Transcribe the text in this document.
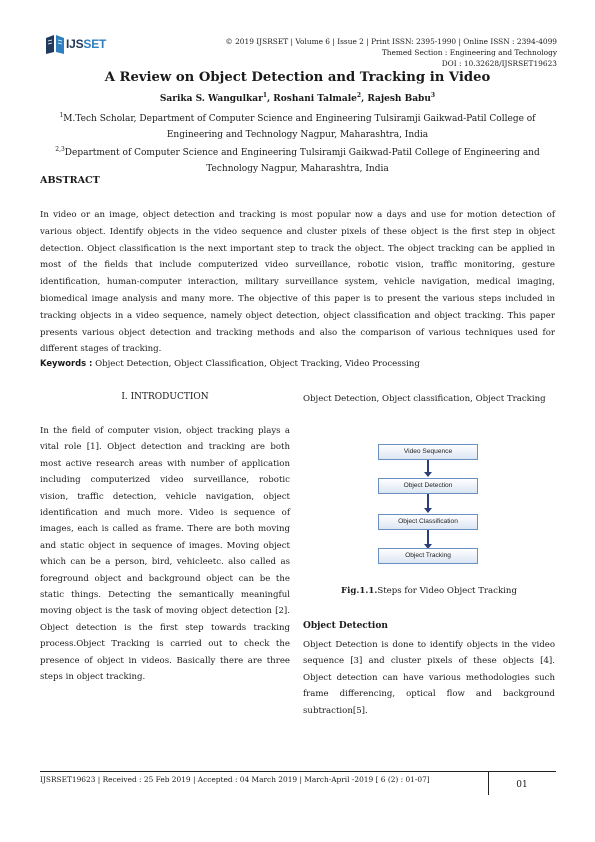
IJSSET	© 2019 IJSRSET | Volume 6 | Issue 2 | Print ISSN: 2395-1990 | Online ISSN : 2394-4099
Themed Section : Engineering and Technology
DOI : 10.32628/IJSRSET19623
A Review on Object Detection and Tracking in Video
Sarika S. Wangulkar$^1$, Roshani Talmale$^2$, Rajesh Babu$^3$
$^1$M.Tech Scholar, Department of Computer Science and Engineering Tulsiramji Gaikwad-Patil College of Engineering and Technology Nagpur, Maharashtra, India
$^{2,3}$Department of Computer Science and Engineering Tulsiramji Gaikwad-Patil College of Engineering and Technology Nagpur, Maharashtra, India
ABSTRACT
In video or an image, object detection and tracking is most popular now a days and use for motion detection of various object. Identify objects in the video sequence and cluster pixels of these object is the first step in object detection. Object classification is the next important step to track the object. The object tracking can be applied in most of the fields that include computerized video surveillance, robotic vision, traffic monitoring, gesture identification, human-computer interaction, military surveillance system, vehicle navigation, medical imaging, biomedical image analysis and many more. The objective of this paper is to present the various steps included in tracking objects in a video sequence, namely object detection, object classification and object tracking. This paper presents various object detection and tracking methods and also the comparison of various techniques used for different stages of tracking.
Keywords : Object Detection, Object Classification, Object Tracking, Video Processing
I. INTRODUCTION
In the field of computer vision, object tracking plays a vital role [1]. Object detection and tracking are both most active research areas with number of application including computerized video surveillance, robotic vision, traffic detection, vehicle navigation, object identification and much more. Video is sequence of images, each is called as frame. There are both moving and static object in sequence of images. Moving object which can be a person, bird, vehicleetc. also called as foreground object and background object can be the static things. Detecting the semantically meaningful moving object is the task of moving object detection [2]. Object detection is the first step towards tracking process.Object Tracking is carried out to check the presence of object in videos. Basically there are three steps in object tracking.
Object Detection, Object classification, Object Tracking
Video Sequence
Object Detection
Object Classification
Object Tracking
Fig.1.1.Steps for Video Object Tracking
Object Detection
Object Detection is done to identify objects in the video sequence [3] and cluster pixels of these objects [4]. Object detection can have various methodologies such frame differencing, optical flow and background subtraction[5].
IJSRSET19623 | Received : 25 Feb 2019 | Accepted : 04 March 2019 | March-April -2019 [ 6 (2) : 01-07]
01
